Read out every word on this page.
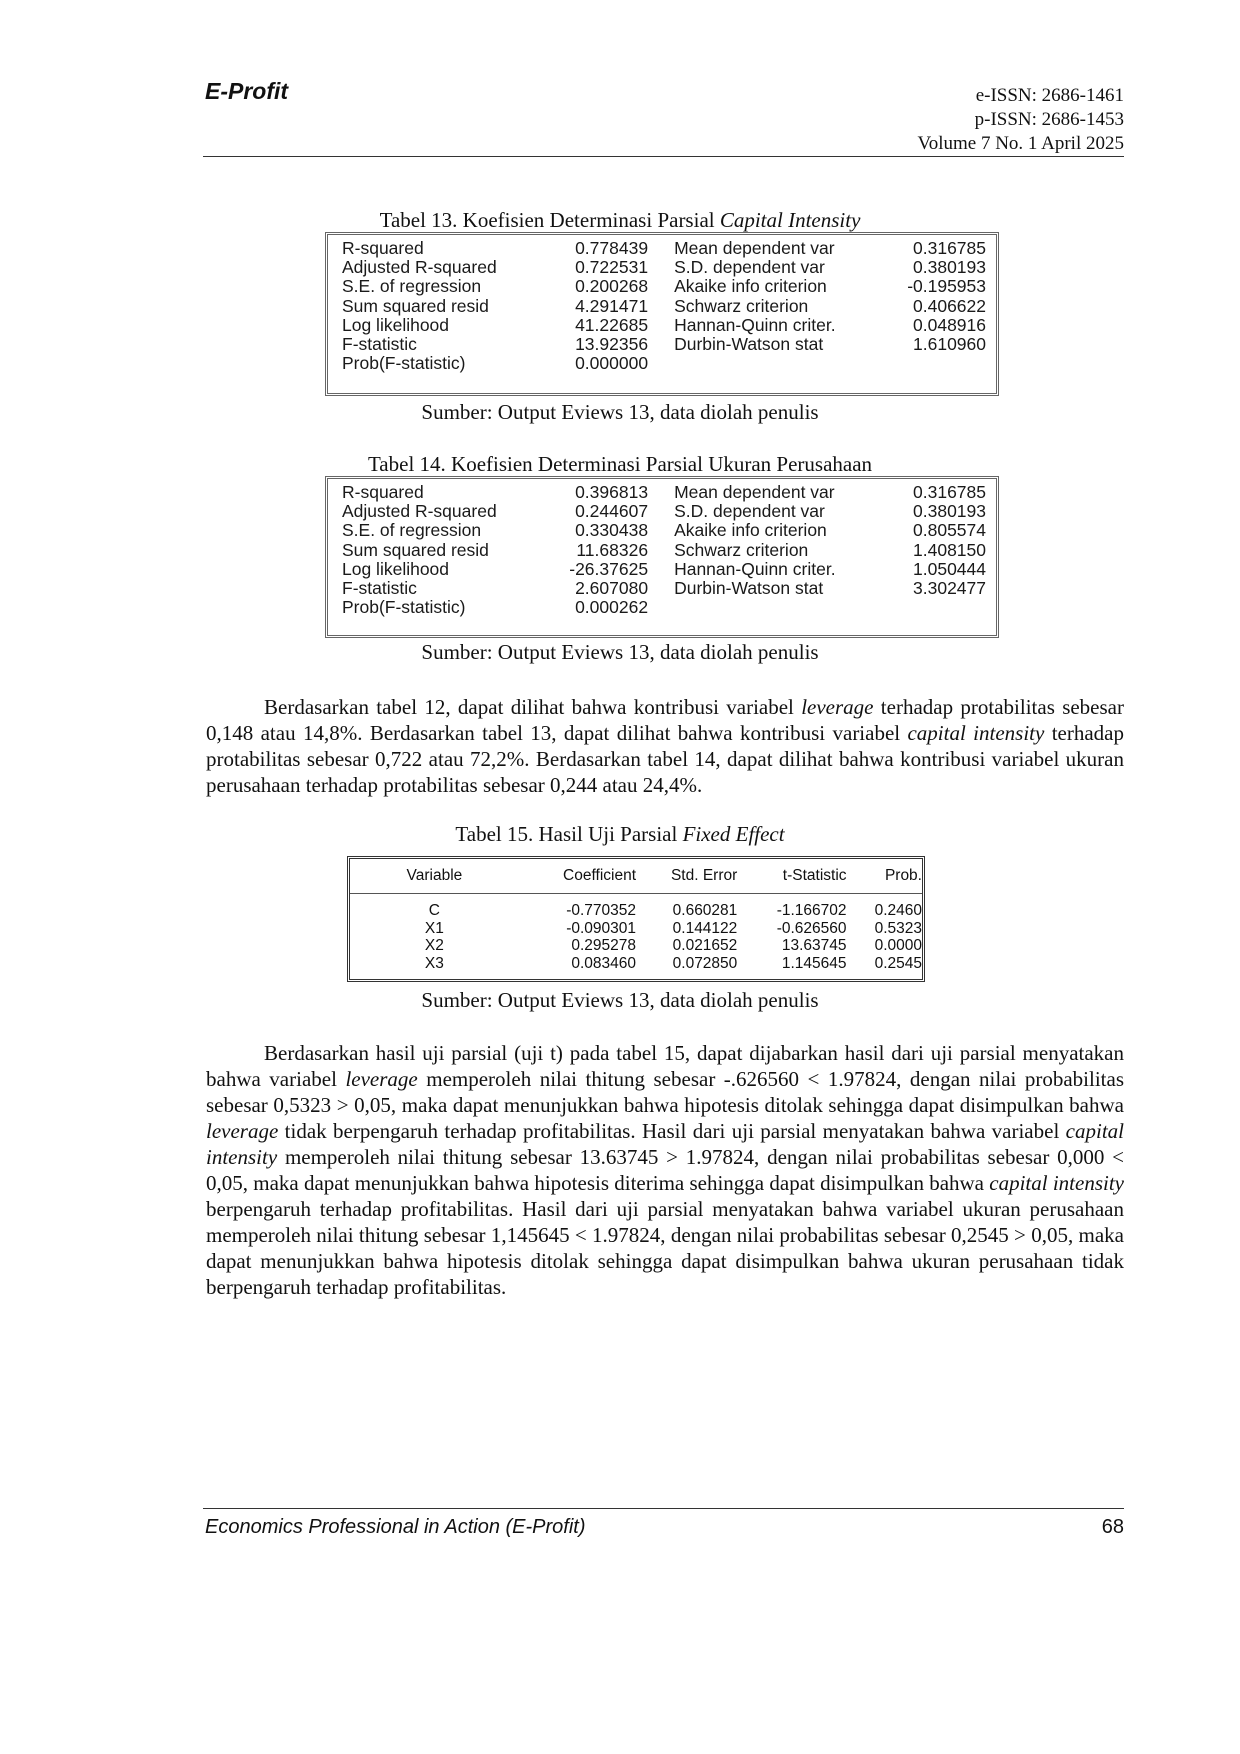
E-Profit	e-ISSN: 2686-1461
p-ISSN: 2686-1453
Volume 7 No. 1 April 2025
Tabel 13. Koefisien Determinasi Parsial Capital Intensity
R-squared	0.778439	Mean dependent var	0.316785
Adjusted R-squared	0.722531	S.D. dependent var	0.380193
S.E. of regression	0.200268	Akaike info criterion	-0.195953
Sum squared resid	4.291471	Schwarz criterion	0.406622
Log likelihood	41.22685	Hannan-Quinn criter.	0.048916
F-statistic	13.92356	Durbin-Watson stat	1.610960
Prob(F-statistic)	0.000000
Sumber: Output Eviews 13, data diolah penulis
Tabel 14. Koefisien Determinasi Parsial Ukuran Perusahaan
R-squared	0.396813	Mean dependent var	0.316785
Adjusted R-squared	0.244607	S.D. dependent var	0.380193
S.E. of regression	0.330438	Akaike info criterion	0.805574
Sum squared resid	11.68326	Schwarz criterion	1.408150
Log likelihood	-26.37625	Hannan-Quinn criter.	1.050444
F-statistic	2.607080	Durbin-Watson stat	3.302477
Prob(F-statistic)	0.000262
Sumber: Output Eviews 13, data diolah penulis
Berdasarkan tabel 12, dapat dilihat bahwa kontribusi variabel leverage terhadap protabilitas sebesar 0,148 atau 14,8%. Berdasarkan tabel 13, dapat dilihat bahwa kontribusi variabel capital intensity terhadap protabilitas sebesar 0,722 atau 72,2%. Berdasarkan tabel 14, dapat dilihat bahwa kontribusi variabel ukuran perusahaan terhadap protabilitas sebesar 0,244 atau 24,4%.
Tabel 15. Hasil Uji Parsial Fixed Effect
Variable	Coefficient	Std. Error	t-Statistic	Prob.
C	-0.770352	0.660281	-1.166702	0.2460
X1	-0.090301	0.144122	-0.626560	0.5323
X2	0.295278	0.021652	13.63745	0.0000
X3	0.083460	0.072850	1.145645	0.2545
Sumber: Output Eviews 13, data diolah penulis
Berdasarkan hasil uji parsial (uji t) pada tabel 15, dapat dijabarkan hasil dari uji parsial menyatakan bahwa variabel leverage memperoleh nilai thitung sebesar -.626560 < 1.97824, dengan nilai probabilitas sebesar 0,5323 > 0,05, maka dapat menunjukkan bahwa hipotesis ditolak sehingga dapat disimpulkan bahwa leverage tidak berpengaruh terhadap profitabilitas. Hasil dari uji parsial menyatakan bahwa variabel capital intensity memperoleh nilai thitung sebesar 13.63745 > 1.97824, dengan nilai probabilitas sebesar 0,000 < 0,05, maka dapat menunjukkan bahwa hipotesis diterima sehingga dapat disimpulkan bahwa capital intensity berpengaruh terhadap profitabilitas. Hasil dari uji parsial menyatakan bahwa variabel ukuran perusahaan memperoleh nilai thitung sebesar 1,145645 < 1.97824, dengan nilai probabilitas sebesar 0,2545 > 0,05, maka dapat menunjukkan bahwa hipotesis ditolak sehingga dapat disimpulkan bahwa ukuran perusahaan tidak berpengaruh terhadap profitabilitas.
Economics Professional in Action (E-Profit)	68
